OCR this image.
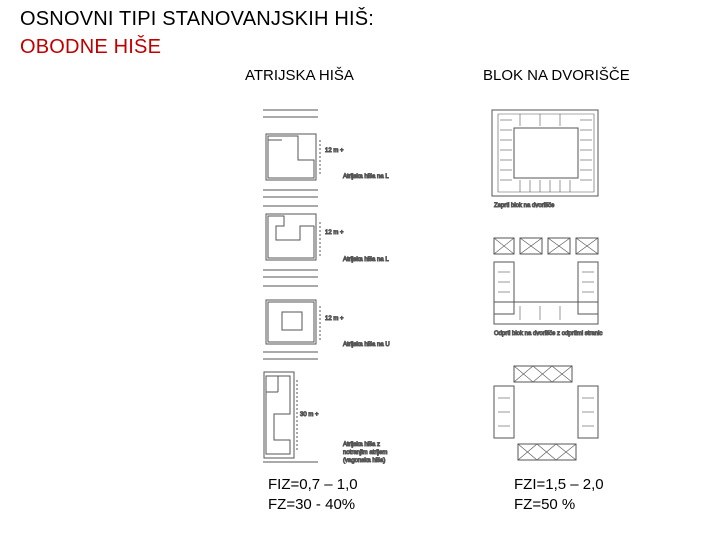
OSNOVNI TIPI STANOVANJSKIH HIŠ:
OBODNE HIŠE
ATRIJSKA HIŠA	BLOK NA DVORIŠČE
12 m +
Atrijska hiša na L
12 m +
Atrijska hiša na L
12 m +
Atrijska hiša na U
30 m +
Atrijska hiša z
notranjim atrijem
(vagonska hiša)
Zaprti blok na dvorišče
Odprti blok na dvorišče z odprtimi stranic
FIZ=0,7 – 1,0
FZ=30 - 40%
FZI=1,5 – 2,0
FZ=50 %
